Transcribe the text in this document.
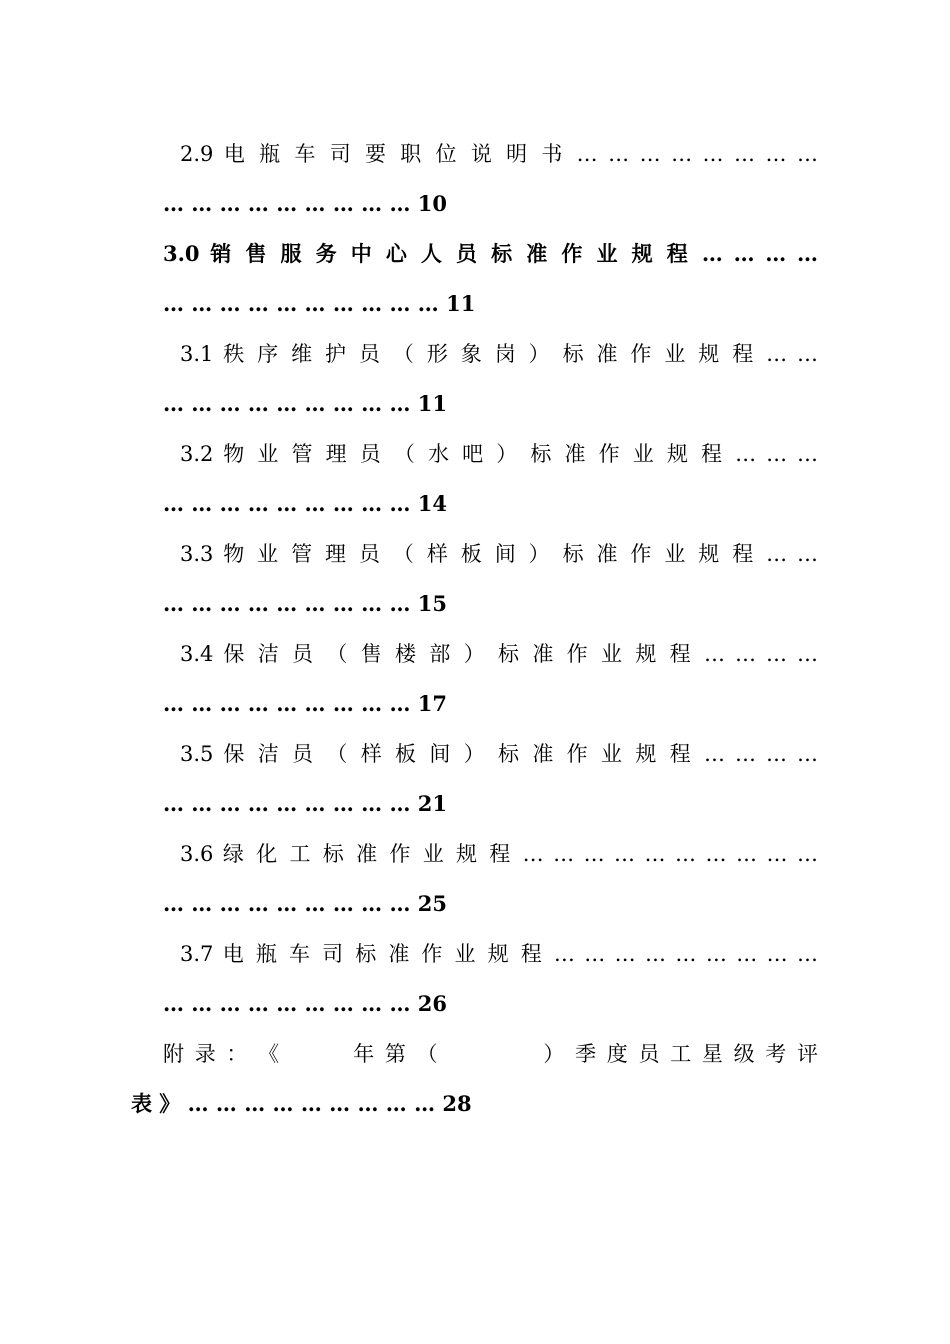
2.9 电 瓶 车 司 要 职 位 说 明 书 … … … … … … … …
… … … … … … … … … 10
3.0 销 售 服 务 中 心 人 员 标 准 作 业 规 程 … … … …
… … … … … … … … … … 11
3.1 秩 序 维 护 员 （ 形 象 岗 ） 标 准 作 业 规 程 … …
… … … … … … … … … 11
3.2 物 业 管 理 员 （ 水 吧 ） 标 准 作 业 规 程 … … …
… … … … … … … … … 14
3.3 物 业 管 理 员 （ 样 板 间 ） 标 准 作 业 规 程 … …
… … … … … … … … … 15
3.4 保 洁 员 （ 售 楼 部 ） 标 准 作 业 规 程 … … … …
… … … … … … … … … 17
3.5 保 洁 员 （ 样 板 间 ） 标 准 作 业 规 程 … … … …
… … … … … … … … … 21
3.6 绿 化 工 标 准 作 业 规 程 … … … … … … … … … …
… … … … … … … … … 25
3.7 电 瓶 车 司 标 准 作 业 规 程 … … … … … … … … …
… … … … … … … … … 26
附 录 ： 《 　 　 年 第 （ 　 　 　 ） 季 度 员 工 星 级 考 评
表 》 … … … … … … … … … 28
